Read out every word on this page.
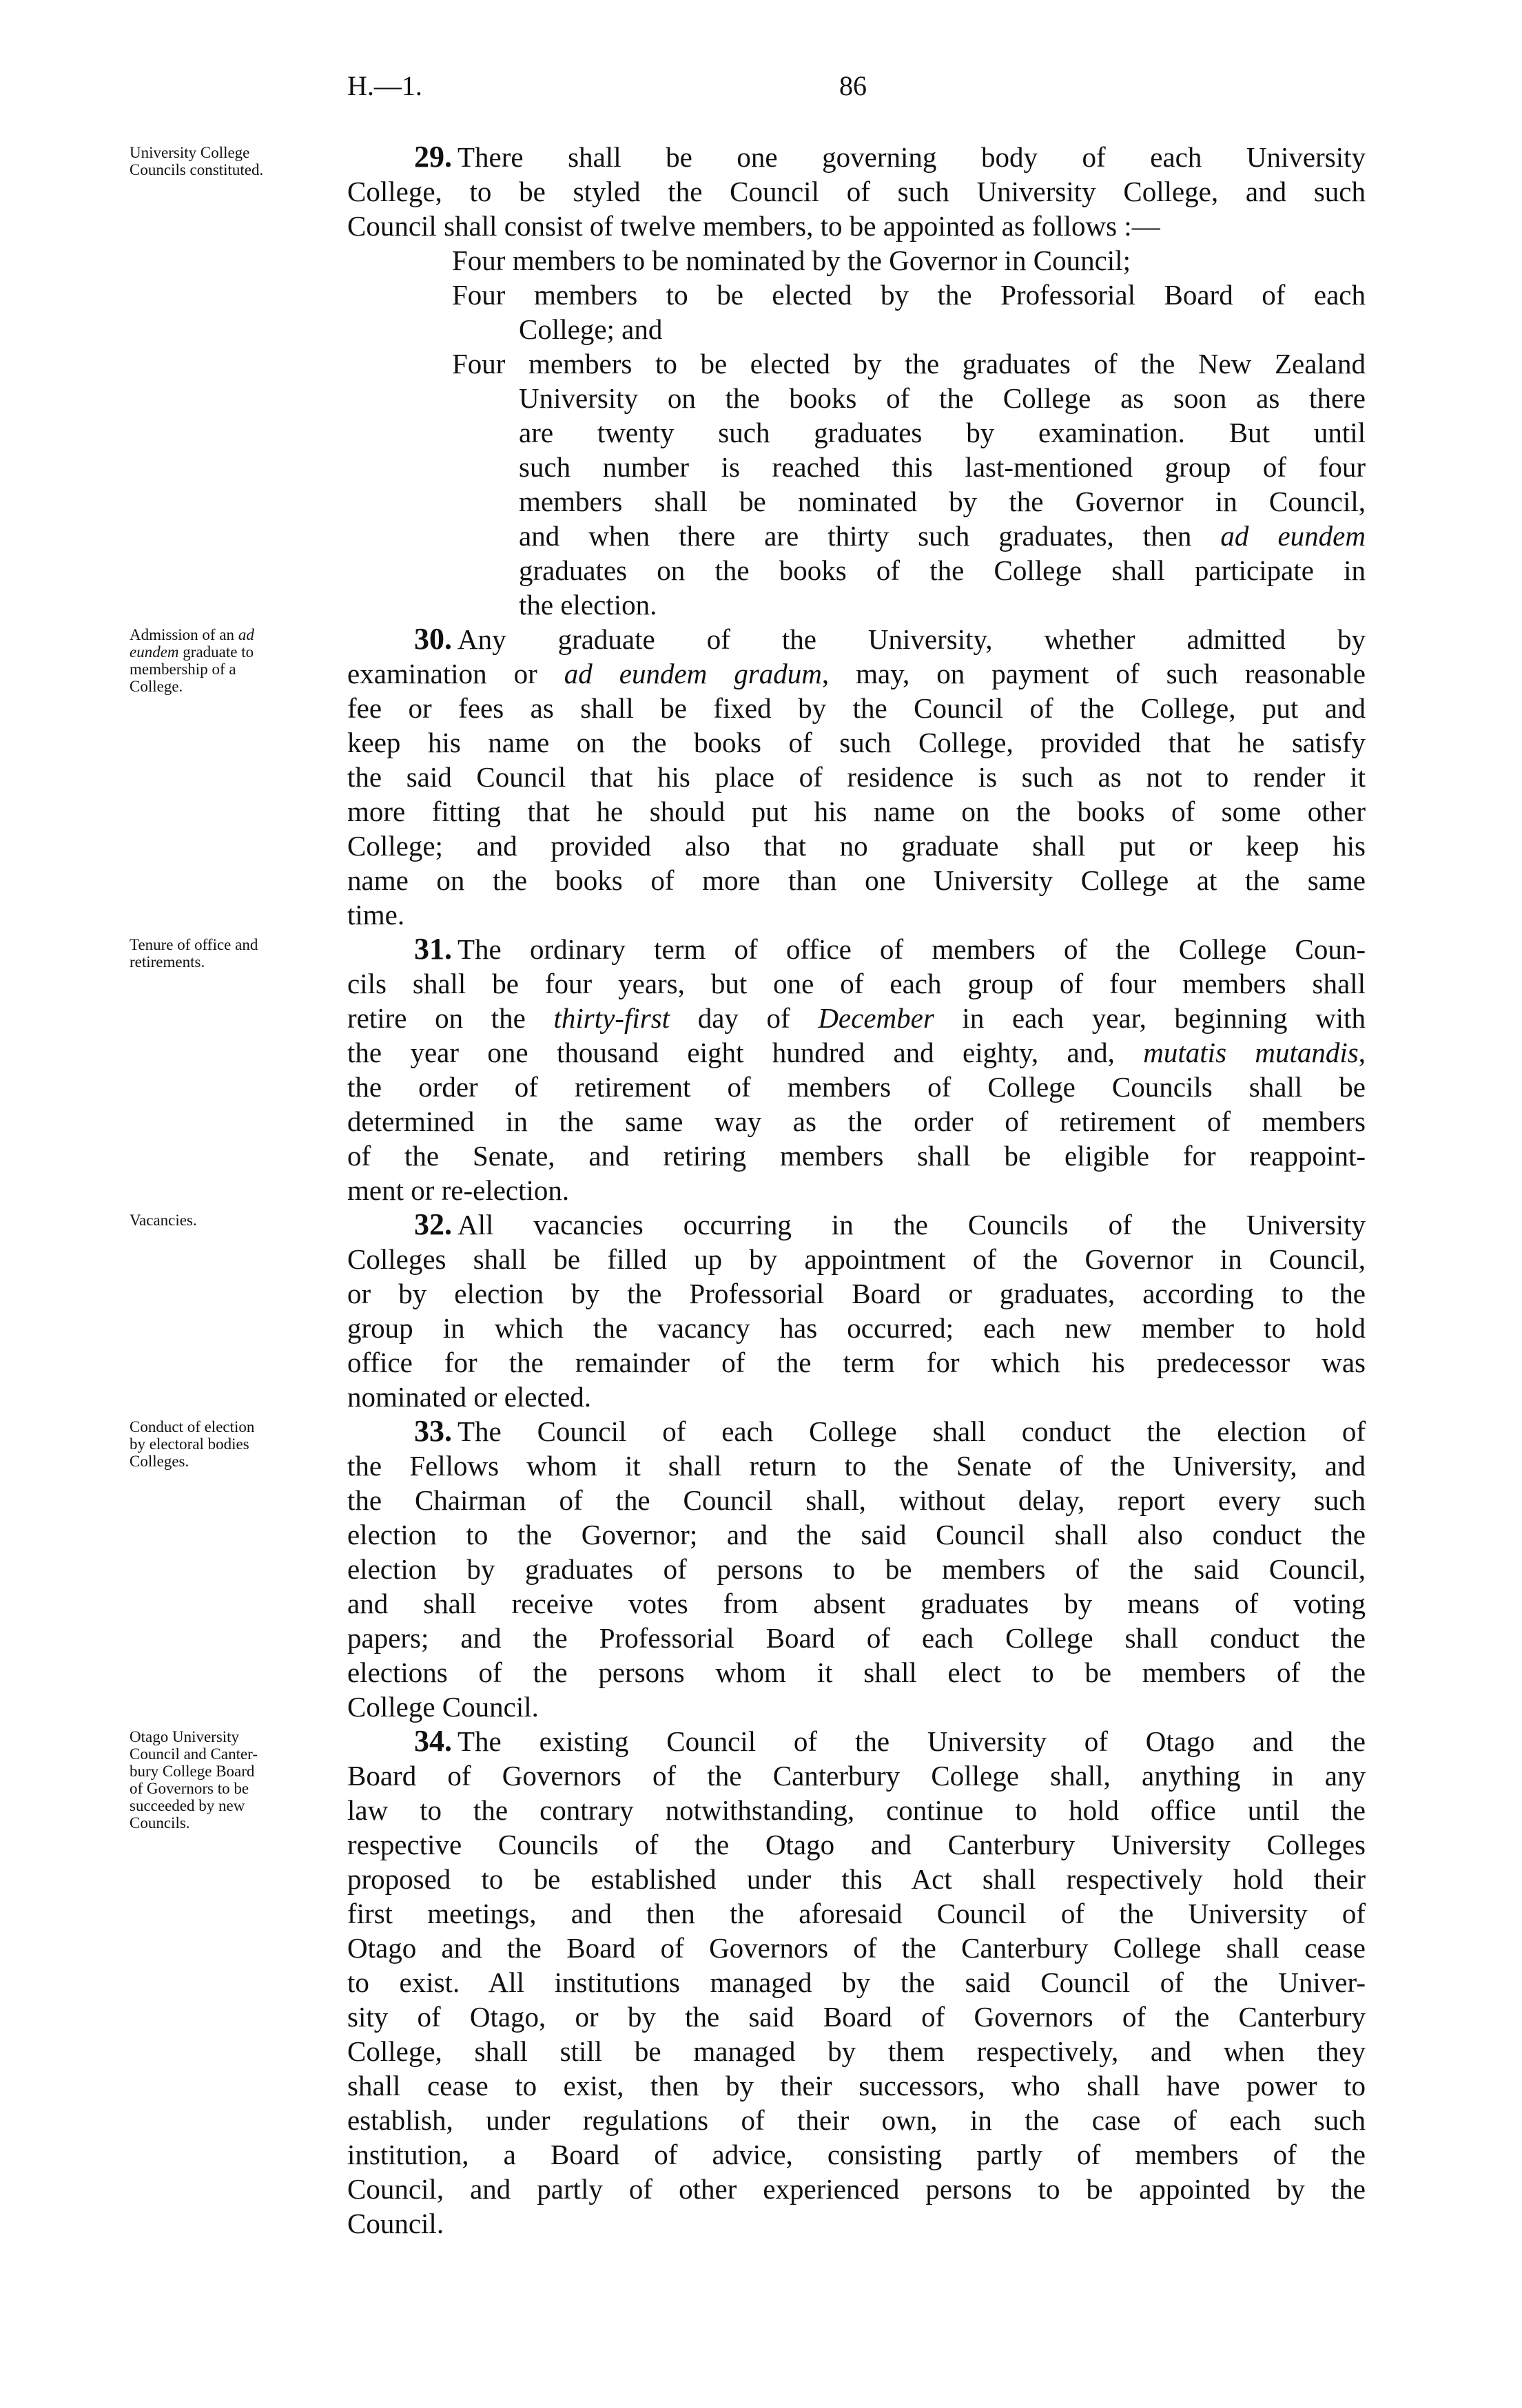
H.—1.	86
29. There shall be one governing body of each University
College, to be styled the Council of such University College, and such
Council shall consist of twelve members, to be appointed as follows :—
Four members to be nominated by the Governor in Council;
Four members to be elected by the Professorial Board of each
College; and
Four members to be elected by the graduates of the New Zealand
University on the books of the College as soon as there
are twenty such graduates by examination. But until
such number is reached this last-mentioned group of four
members shall be nominated by the Governor in Council,
and when there are thirty such graduates, then ad eundem
graduates on the books of the College shall participate in
the election.
30. Any graduate of the University, whether admitted by
examination or ad eundem gradum, may, on payment of such reasonable
fee or fees as shall be fixed by the Council of the College, put and
keep his name on the books of such College, provided that he satisfy
the said Council that his place of residence is such as not to render it
more fitting that he should put his name on the books of some other
College; and provided also that no graduate shall put or keep his
name on the books of more than one University College at the same
time.
31. The ordinary term of office of members of the College Coun-
cils shall be four years, but one of each group of four members shall
retire on the thirty-first day of December in each year, beginning with
the year one thousand eight hundred and eighty, and, mutatis mutandis,
the order of retirement of members of College Councils shall be
determined in the same way as the order of retirement of members
of the Senate, and retiring members shall be eligible for reappoint-
ment or re-election.
32. All vacancies occurring in the Councils of the University
Colleges shall be filled up by appointment of the Governor in Council,
or by election by the Professorial Board or graduates, according to the
group in which the vacancy has occurred; each new member to hold
office for the remainder of the term for which his predecessor was
nominated or elected.
33. The Council of each College shall conduct the election of
the Fellows whom it shall return to the Senate of the University, and
the Chairman of the Council shall, without delay, report every such
election to the Governor; and the said Council shall also conduct the
election by graduates of persons to be members of the said Council,
and shall receive votes from absent graduates by means of voting
papers; and the Professorial Board of each College shall conduct the
elections of the persons whom it shall elect to be members of the
College Council.
34. The existing Council of the University of Otago and the
Board of Governors of the Canterbury College shall, anything in any
law to the contrary notwithstanding, continue to hold office until the
respective Councils of the Otago and Canterbury University Colleges
proposed to be established under this Act shall respectively hold their
first meetings, and then the aforesaid Council of the University of
Otago and the Board of Governors of the Canterbury College shall cease
to exist. All institutions managed by the said Council of the Univer-
sity of Otago, or by the said Board of Governors of the Canterbury
College, shall still be managed by them respectively, and when they
shall cease to exist, then by their successors, who shall have power to
establish, under regulations of their own, in the case of each such
institution, a Board of advice, consisting partly of members of the
Council, and partly of other experienced persons to be appointed by the
Council.
University College
Councils constituted.
Admission of an ad
eundem graduate to
membership of a
College.
Tenure of office and
retirements.
Vacancies.
Conduct of election
by electoral bodies
Colleges.
Otago University
Council and Canter-
bury College Board
of Governors to be
succeeded by new
Councils.
